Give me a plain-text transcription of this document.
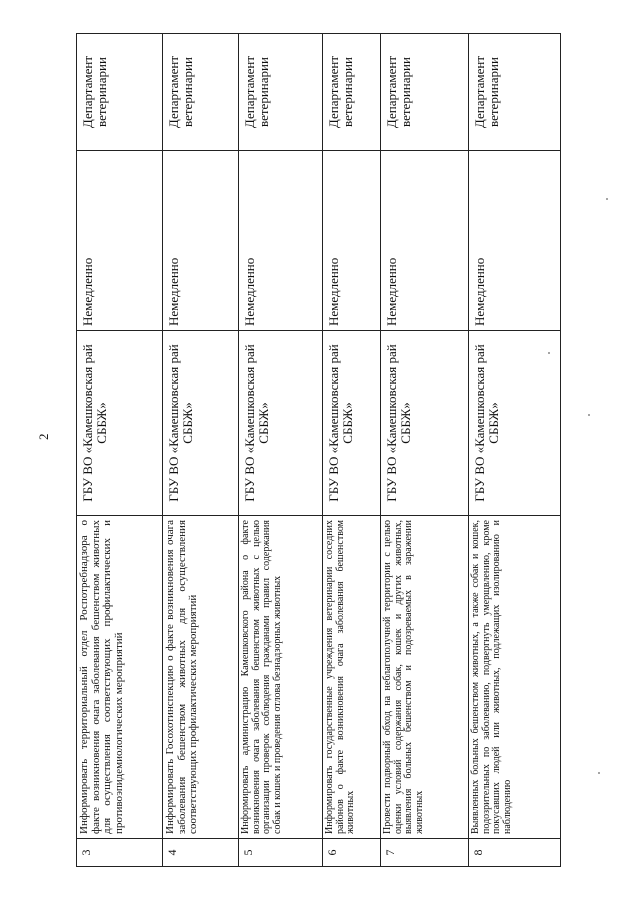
2
3	Информировать территориальный отдел Роспотребнадзора о факте возникновения очага заболевания бешенством животных для осуществления соответствующих профилактических и противоэпидемиологических мероприятий	ГБУ ВО «Камешковская рай СББЖ»	Немедленно	Департамент ветеринарии
4	Информировать Госохотинспекцию о факте возникновения очага заболевания бешенством животных для осуществления соответствующих профилактических мероприятий	ГБУ ВО «Камешковская рай СББЖ»	Немедленно	Департамент ветеринарии
5	Информировать администрацию Камешковского района о факте возникновения очага заболевания бешенством животных с целью организации проверок соблюдения гражданами правил содержания собак и кошек и проведения отлова безнадзорных животных	ГБУ ВО «Камешковская рай СББЖ»	Немедленно	Департамент ветеринарии
6	Информировать государственные учреждения ветеринарии соседних районов о факте возникновения очага заболевания бешенством животных	ГБУ ВО «Камешковская рай СББЖ»	Немедленно	Департамент ветеринарии
7	Провести подворный обход на неблагополучной территории с целью оценки условий содержания собак, кошек и других животных, выявления больных бешенством и подозреваемых в заражении животных	ГБУ ВО «Камешковская рай СББЖ»	Немедленно	Департамент ветеринарии
8	Выявленных больных бешенством животных, а также собак и кошек, подозрительных по заболеванию, подвергнуть умерщвлению, кроме покусавших людей или животных, подлежащих изолированию и наблюдению	ГБУ ВО «Камешковская рай СББЖ»	Немедленно	Департамент ветеринарии
